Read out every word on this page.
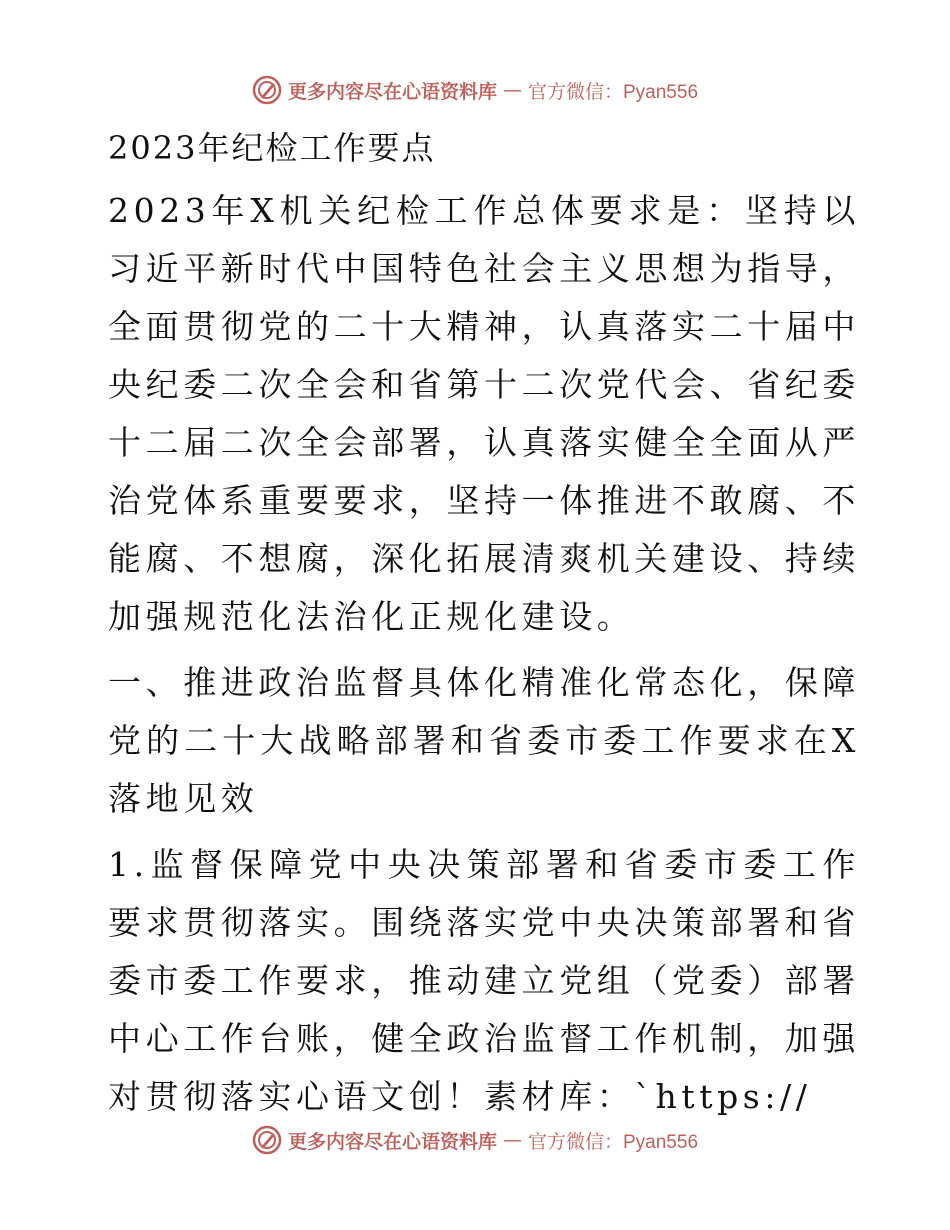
更多内容尽在心语资料库 — 官方微信：Pyan556
2023年纪检工作要点

2023年X机关纪检工作总体要求是：坚持以习近平新时代中国特色社会主义思想为指导，全面贯彻党的二十大精神，认真落实二十届中央纪委二次全会和省第十二次党代会、省纪委十二届二次全会部署，认真落实健全全面从严治党体系重要要求，坚持一体推进不敢腐、不能腐、不想腐，深化拓展清爽机关建设、持续加强规范化法治化正规化建设。

一、推进政治监督具体化精准化常态化，保障党的二十大战略部署和省委市委工作要求在X落地见效

1.监督保障党中央决策部署和省委市委工作要求贯彻落实。围绕落实党中央决策部署和省委市委工作要求，推动建立党组（党委）部署中心工作台账，健全政治监督工作机制，加强对贯彻落实心语文创！素材库：`https://

更多内容尽在心语资料库 — 官方微信：Pyan556
